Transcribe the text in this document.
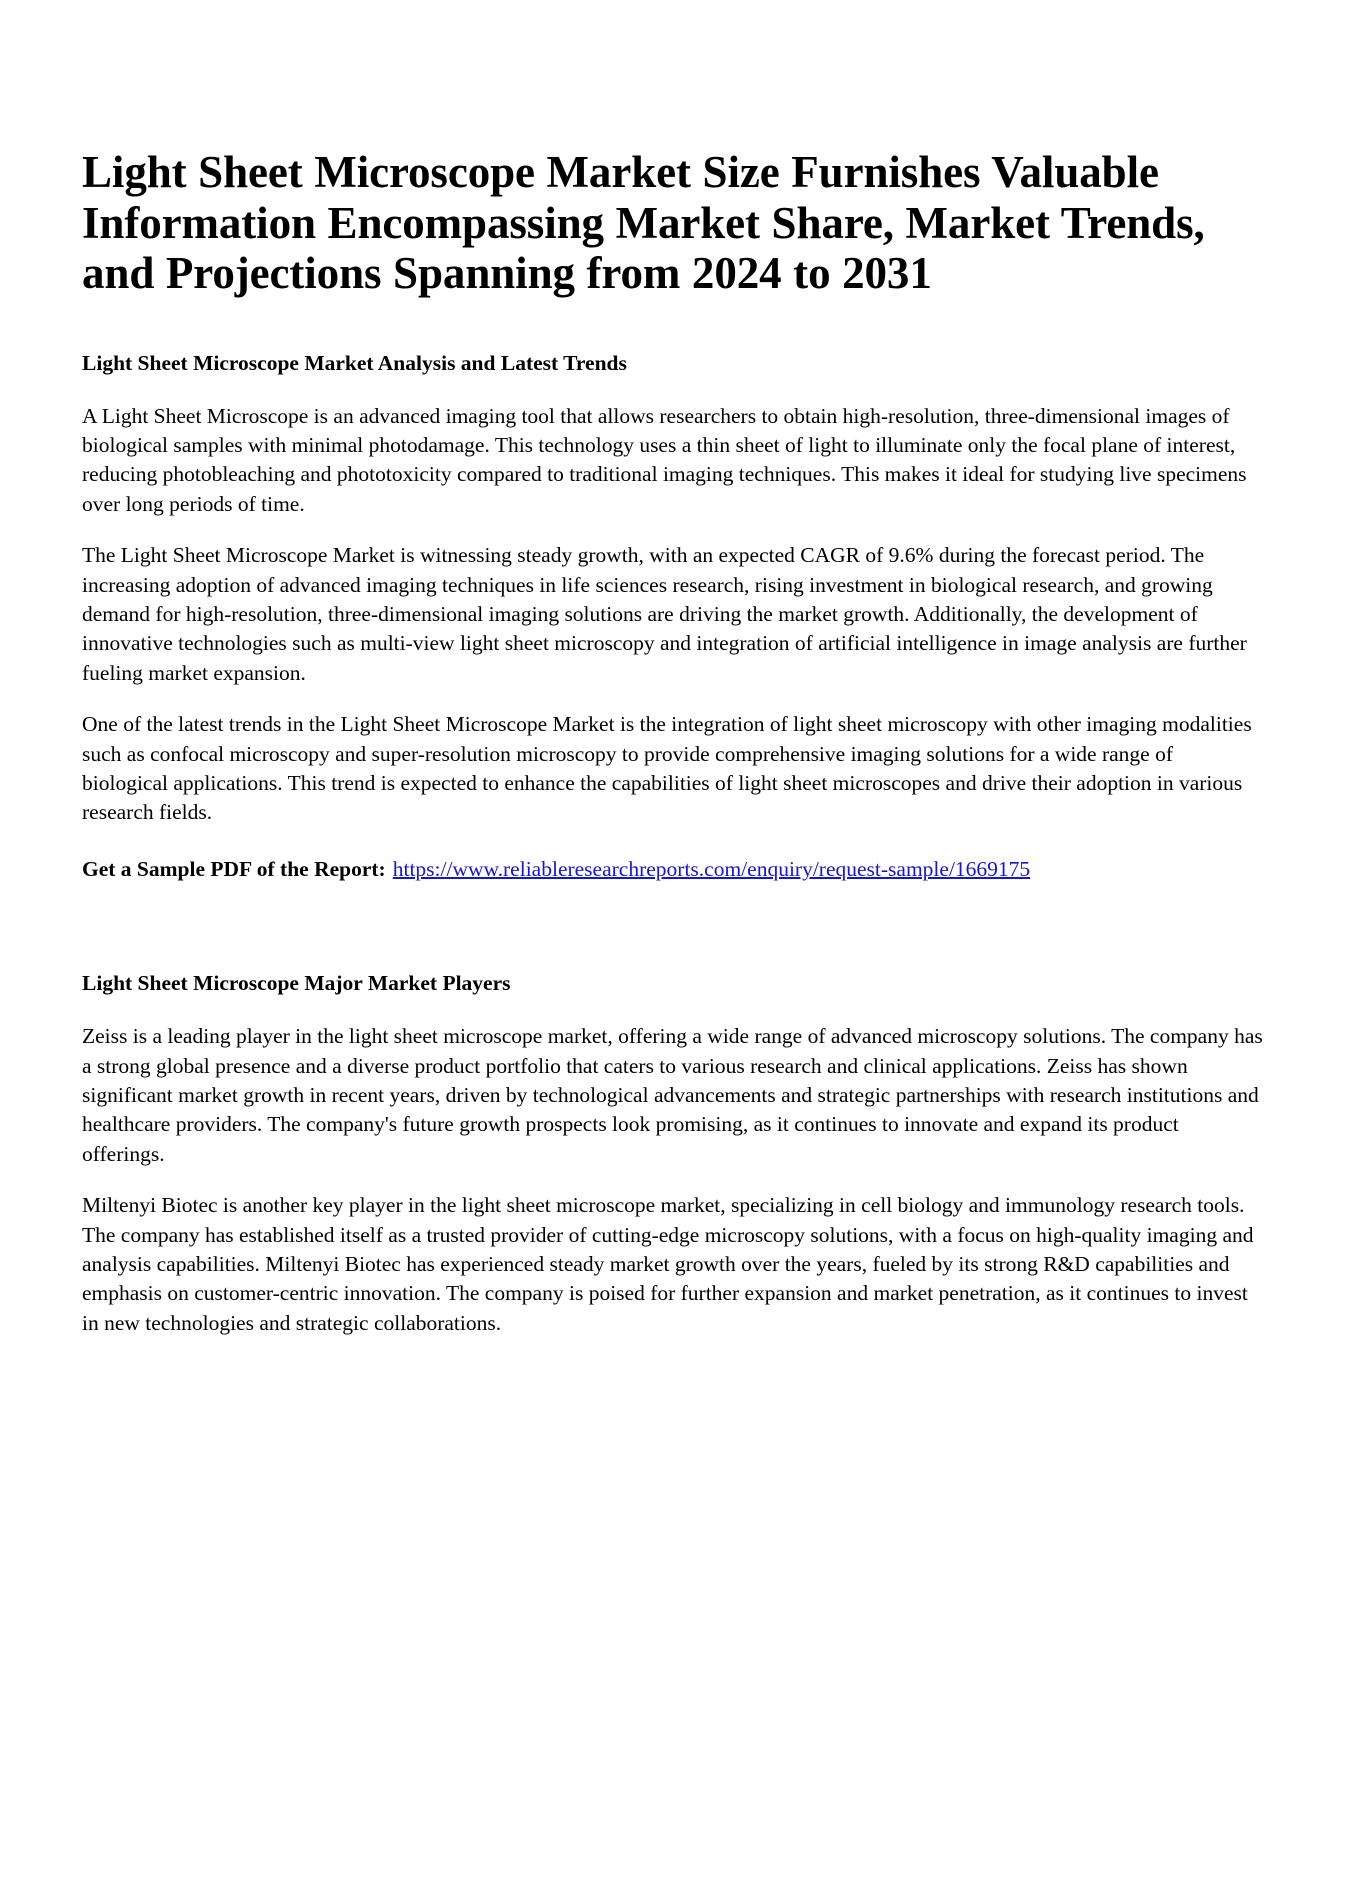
Light Sheet Microscope Market Size Furnishes Valuable Information Encompassing Market Share, Market Trends, and Projections Spanning from 2024 to 2031
Light Sheet Microscope Market Analysis and Latest Trends

A Light Sheet Microscope is an advanced imaging tool that allows researchers to obtain high-resolution, three-dimensional images of biological samples with minimal photodamage. This technology uses a thin sheet of light to illuminate only the focal plane of interest, reducing photobleaching and phototoxicity compared to traditional imaging techniques. This makes it ideal for studying live specimens over long periods of time.

The Light Sheet Microscope Market is witnessing steady growth, with an expected CAGR of 9.6% during the forecast period. The increasing adoption of advanced imaging techniques in life sciences research, rising investment in biological research, and growing demand for high-resolution, three-dimensional imaging solutions are driving the market growth. Additionally, the development of innovative technologies such as multi-view light sheet microscopy and integration of artificial intelligence in image analysis are further fueling market expansion.

One of the latest trends in the Light Sheet Microscope Market is the integration of light sheet microscopy with other imaging modalities such as confocal microscopy and super-resolution microscopy to provide comprehensive imaging solutions for a wide range of biological applications. This trend is expected to enhance the capabilities of light sheet microscopes and drive their adoption in various research fields.

Get a Sample PDF of the Report: https://www.reliableresearchreports.com/enquiry/request-sample/1669175

Light Sheet Microscope Major Market Players

Zeiss is a leading player in the light sheet microscope market, offering a wide range of advanced microscopy solutions. The company has a strong global presence and a diverse product portfolio that caters to various research and clinical applications. Zeiss has shown significant market growth in recent years, driven by technological advancements and strategic partnerships with research institutions and healthcare providers. The company's future growth prospects look promising, as it continues to innovate and expand its product offerings.

Miltenyi Biotec is another key player in the light sheet microscope market, specializing in cell biology and immunology research tools. The company has established itself as a trusted provider of cutting-edge microscopy solutions, with a focus on high-quality imaging and analysis capabilities. Miltenyi Biotec has experienced steady market growth over the years, fueled by its strong R&D capabilities and emphasis on customer-centric innovation. The company is poised for further expansion and market penetration, as it continues to invest in new technologies and strategic collaborations.
